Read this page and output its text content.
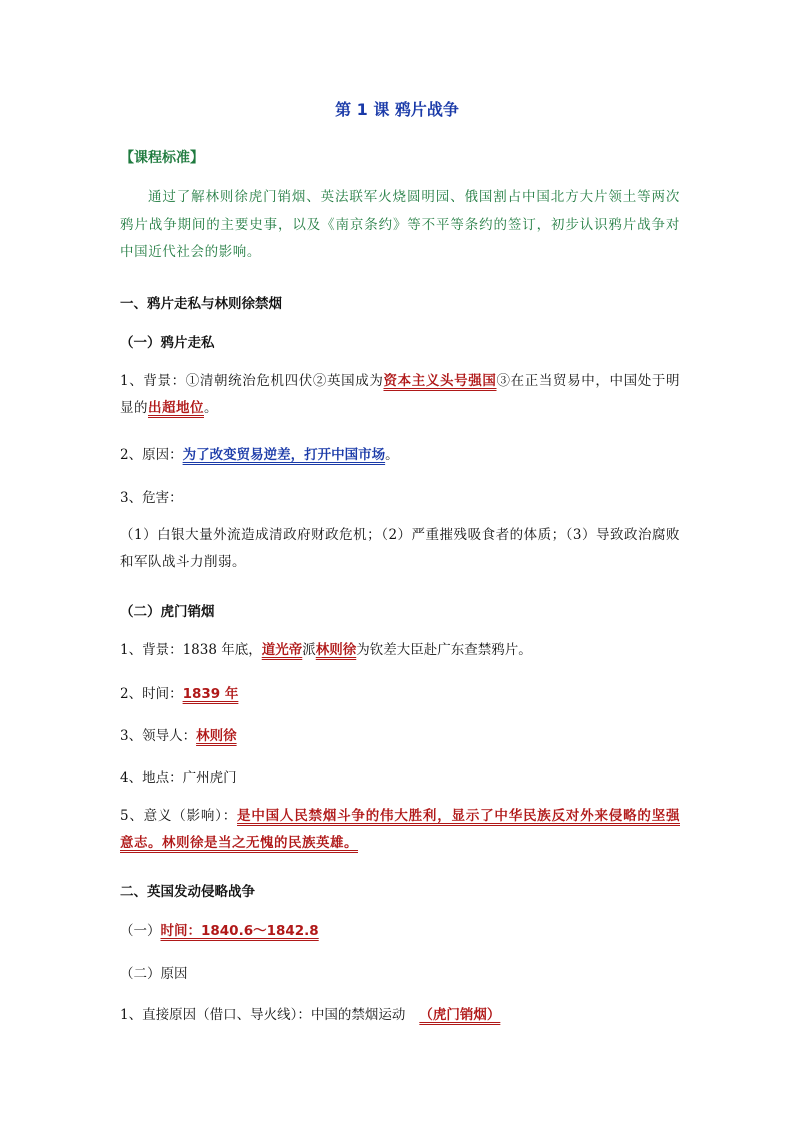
第 1 课 鸦片战争
【课程标准】
通过了解林则徐虎门销烟、英法联军火烧圆明园、俄国割占中国北方大片领土等两次鸦片战争期间的主要史事，以及《南京条约》等不平等条约的签订，初步认识鸦片战争对中国近代社会的影响。
一、鸦片走私与林则徐禁烟
（一）鸦片走私
1、背景：①清朝统治危机四伏②英国成为资本主义头号强国③在正当贸易中，中国处于明显的出超地位。
2、原因：为了改变贸易逆差，打开中国市场。
3、危害：
（1）白银大量外流造成清政府财政危机；（2）严重摧残吸食者的体质；（3）导致政治腐败和军队战斗力削弱。
（二）虎门销烟
1、背景：1838 年底，道光帝派林则徐为钦差大臣赴广东查禁鸦片。
2、时间：1839 年
3、领导人：林则徐
4、地点：广州虎门
5、意义（影响）：是中国人民禁烟斗争的伟大胜利，显示了中华民族反对外来侵略的坚强意志。林则徐是当之无愧的民族英雄。
二、英国发动侵略战争
（一）时间：1840.6～1842.8
（二）原因
1、直接原因（借口、导火线）：中国的禁烟运动 （虎门销烟）
